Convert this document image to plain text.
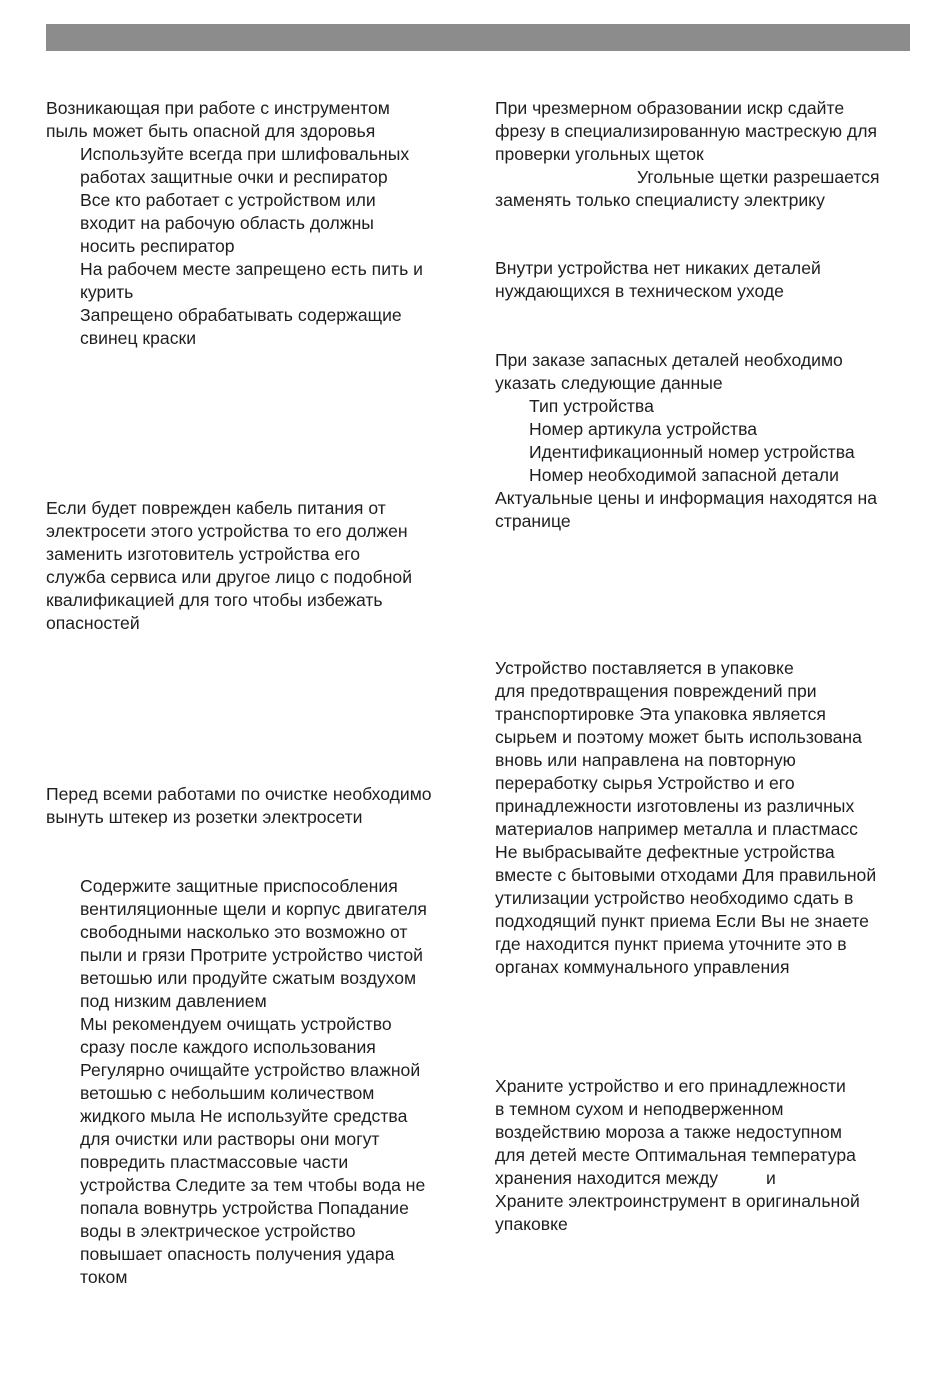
Возникающая при работе с инструментом
пыль может быть опасной для здоровья
Используйте всегда при шлифовальных
работах защитные очки и респиратор
Все кто работает с устройством или
входит на рабочую область должны
носить респиратор
На рабочем месте запрещено есть пить и
курить
Запрещено обрабатывать содержащие
свинец краски
Если будет поврежден кабель питания от
электросети этого устройства то его должен
заменить изготовитель устройства его
служба сервиса или другое лицо с подобной
квалификацией для того чтобы избежать
опасностей
Перед всеми работами по очистке необходимо
вынуть штекер из розетки электросети
Содержите защитные приспособления
вентиляционные щели и корпус двигателя
свободными насколько это возможно от
пыли и грязи Протрите устройство чистой
ветошью или продуйте сжатым воздухом
под низким давлением
Мы рекомендуем очищать устройство
сразу после каждого использования
Регулярно очищайте устройство влажной
ветошью с небольшим количеством
жидкого мыла Не используйте средства
для очистки или растворы они могут
повредить пластмассовые части
устройства Следите за тем чтобы вода не
попала вовнутрь устройства Попадание
воды в электрическое устройство
повышает опасность получения удара
током
При чрезмерном образовании искр сдайте
фрезу в специализированную мастрескую для
проверки угольных щеток
Угольные щетки разрешается
заменять только специалисту электрику
Внутри устройства нет никаких деталей
нуждающихся в техническом уходе
При заказе запасных деталей необходимо
указать следующие данные
Тип устройства
Номер артикула устройства
Идентификационный номер устройства
Номер необходимой запасной детали
Актуальные цены и информация находятся на
странице
Устройство поставляется в упаковке
для предотвращения повреждений при
транспортировке Эта упаковка является
сырьем и поэтому может быть использована
вновь или направлена на повторную
переработку сырья Устройство и его
принадлежности изготовлены из различных
материалов например металла и пластмасс
Не выбрасывайте дефектные устройства
вместе с бытовыми отходами Для правильной
утилизации устройство необходимо сдать в
подходящий пункт приема Если Вы не знаете
где находится пункт приема уточните это в
органах коммунального управления
Храните устройство и его принадлежности
в темном сухом и неподверженном
воздействию мороза а также недоступном
для детей месте Оптимальная температура
хранения находится между	и
Храните электроинструмент в оригинальной
упаковке
